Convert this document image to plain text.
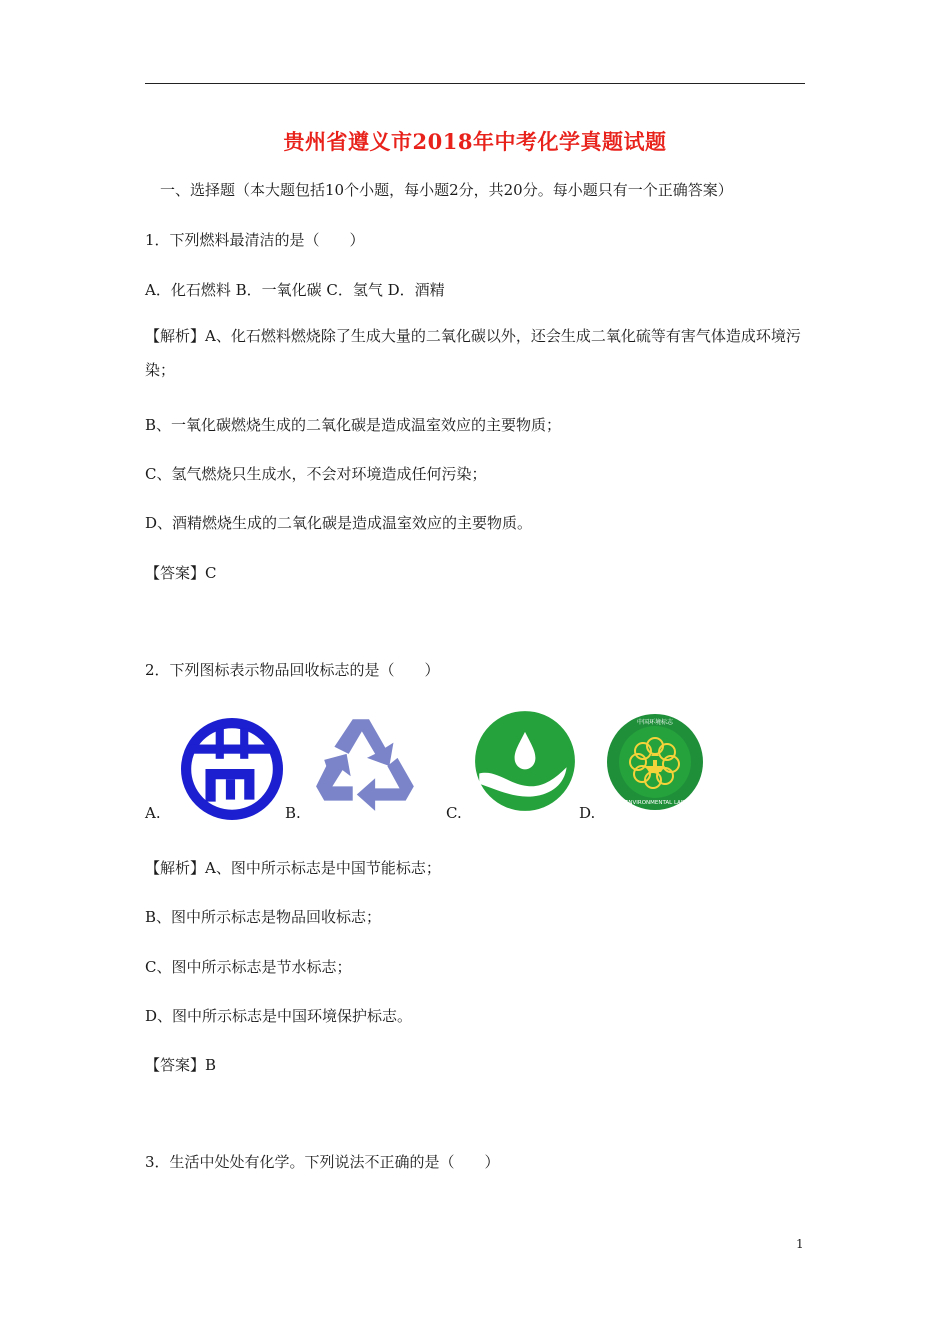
贵州省遵义市2018年中考化学真题试题
一、选择题（本大题包括10个小题，每小题2分，共20分。每小题只有一个正确答案）
1．下列燃料最清洁的是（　　）
A．化石燃料 B．一氧化碳 C．氢气 D．酒精
【解析】A、化石燃料燃烧除了生成大量的二氧化碳以外，还会生成二氧化硫等有害气体造成环境污染；
B、一氧化碳燃烧生成的二氧化碳是造成温室效应的主要物质；
C、氢气燃烧只生成水，不会对环境造成任何污染；
D、酒精燃烧生成的二氧化碳是造成温室效应的主要物质。
【答案】C
2．下列图标表示物品回收标志的是（　　）
A.	B.	C.
CHINA ENVIRONMENTAL LABELLING
中国环境标志
D.
【解析】A、图中所示标志是中国节能标志；
B、图中所示标志是物品回收标志；
C、图中所示标志是节水标志；
D、图中所示标志是中国环境保护标志。
【答案】B
3．生活中处处有化学。下列说法不正确的是（　　）
1
